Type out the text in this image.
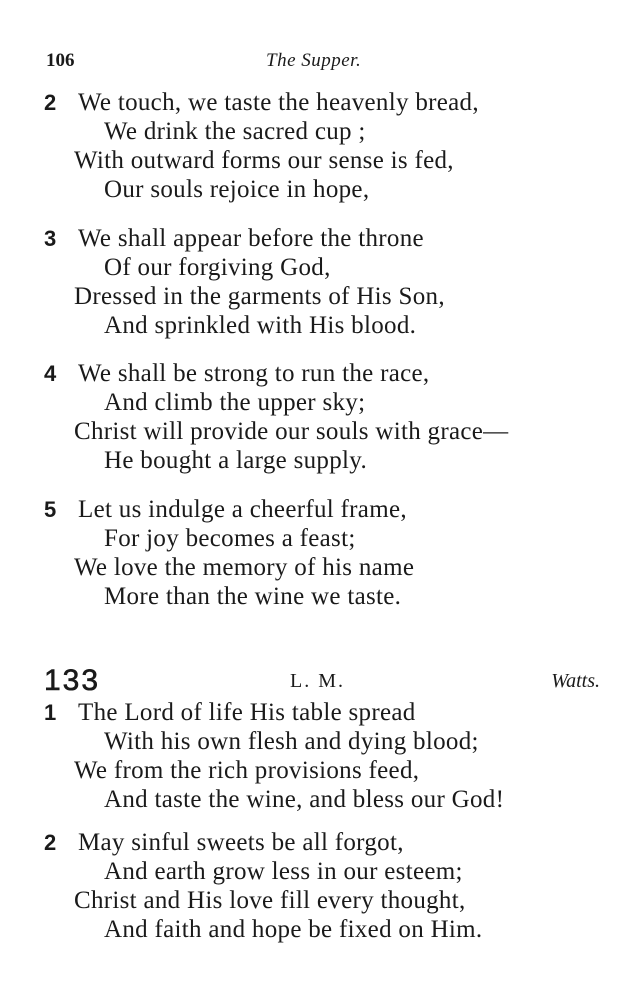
106	The Supper.
2 We touch, we taste the heavenly bread,
We drink the sacred cup ;
With outward forms our sense is fed,
Our souls rejoice in hope,
3 We shall appear before the throne
Of our forgiving God,
Dressed in the garments of His Son,
And sprinkled with His blood.
4 We shall be strong to run the race,
And climb the upper sky;
Christ will provide our souls with grace—
He bought a large supply.
5 Let us indulge a cheerful frame,
For joy becomes a feast;
We love the memory of his name
More than the wine we taste.
133	L. M.	Watts.
1 The Lord of life His table spread
With his own flesh and dying blood;
We from the rich provisions feed,
And taste the wine, and bless our God!
2 May sinful sweets be all forgot,
And earth grow less in our esteem;
Christ and His love fill every thought,
And faith and hope be fixed on Him.
